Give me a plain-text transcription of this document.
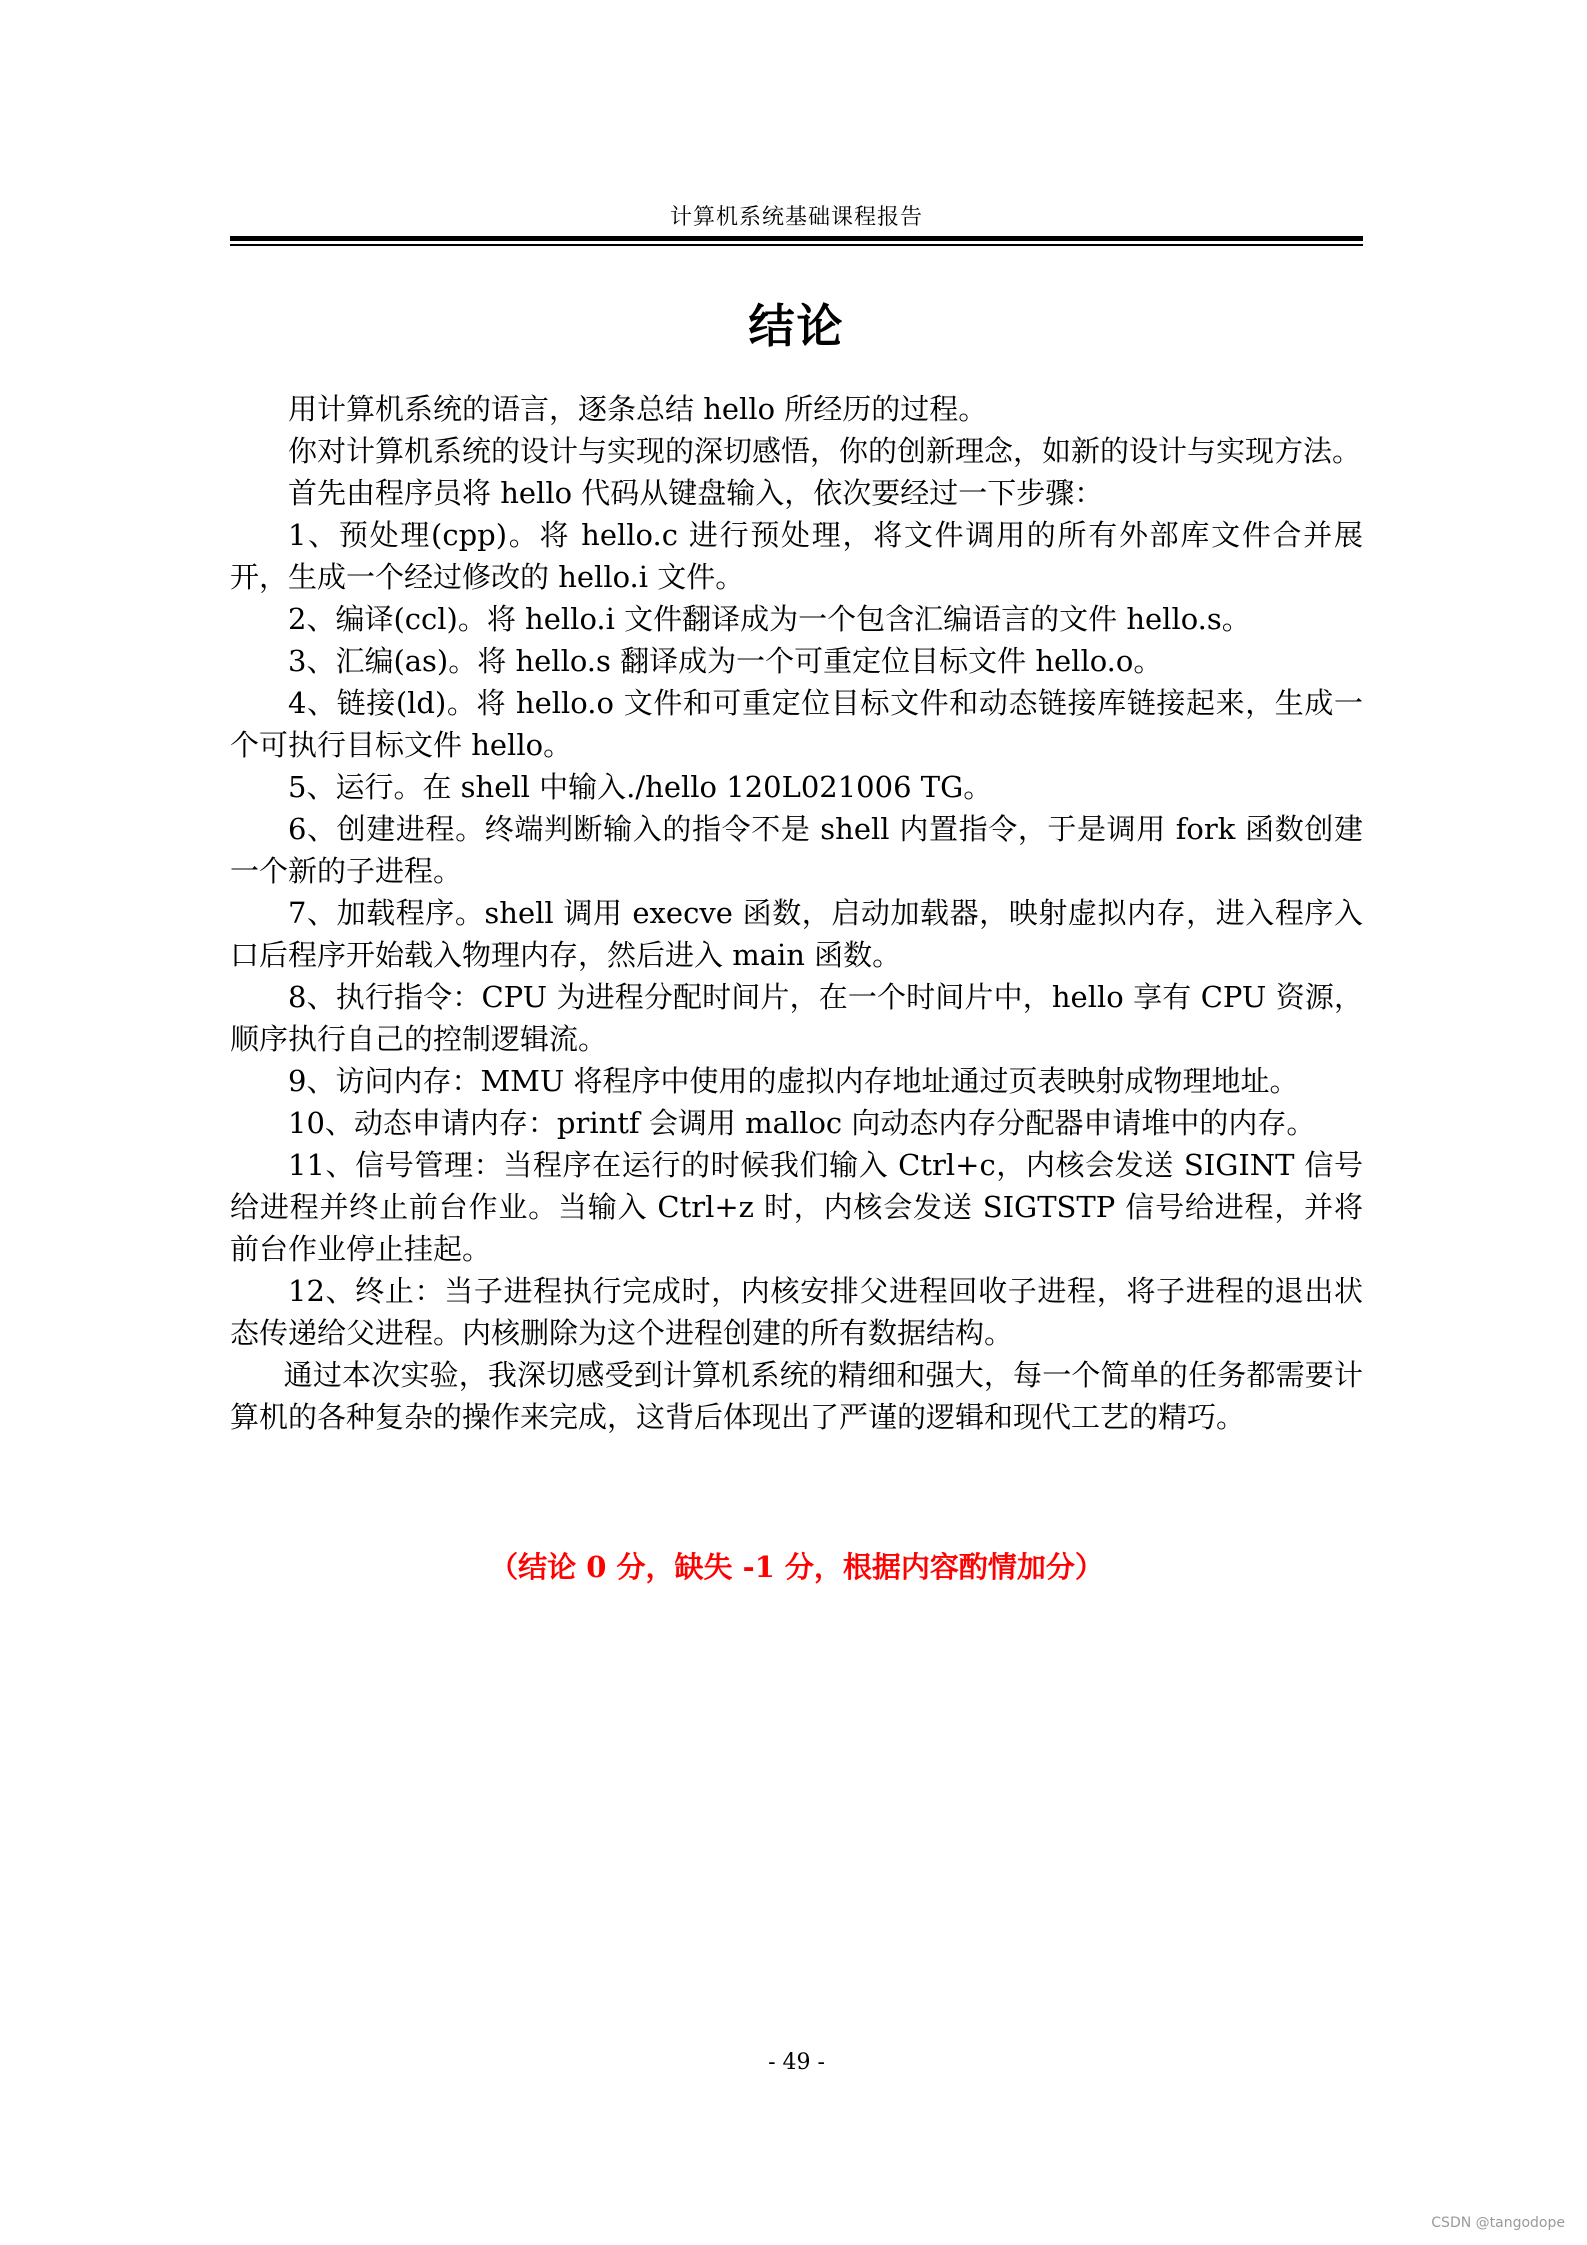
计算机系统基础课程报告
结论

用计算机系统的语言，逐条总结 hello 所经历的过程。

你对计算机系统的设计与实现的深切感悟，你的创新理念，如新的设计与实现方法。

首先由程序员将 hello 代码从键盘输入，依次要经过一下步骤：

1、预处理(cpp)。将 hello.c 进行预处理，将文件调用的所有外部库文件合并展开，生成一个经过修改的 hello.i 文件。

2、编译(ccl)。将 hello.i 文件翻译成为一个包含汇编语言的文件 hello.s。

3、汇编(as)。将 hello.s 翻译成为一个可重定位目标文件 hello.o。

4、链接(ld)。将 hello.o 文件和可重定位目标文件和动态链接库链接起来，生成一个可执行目标文件 hello。

5、运行。在 shell 中输入./hello 120L021006 TG。

6、创建进程。终端判断输入的指令不是 shell 内置指令，于是调用 fork 函数创建一个新的子进程。

7、加载程序。shell 调用 execve 函数，启动加载器，映射虚拟内存，进入程序入口后程序开始载入物理内存，然后进入 main 函数。

8、执行指令：CPU 为进程分配时间片，在一个时间片中，hello 享有 CPU 资源， 顺序执行自己的控制逻辑流。

9、访问内存：MMU 将程序中使用的虚拟内存地址通过页表映射成物理地址。

10、动态申请内存：printf 会调用 malloc 向动态内存分配器申请堆中的内存。

11、信号管理：当程序在运行的时候我们输入 Ctrl+c，内核会发送 SIGINT 信号给进程并终止前台作业。当输入 Ctrl+z 时，内核会发送 SIGTSTP 信号给进程，并将前台作业停止挂起。

12、终止：当子进程执行完成时，内核安排父进程回收子进程，将子进程的退出状态传递给父进程。内核删除为这个进程创建的所有数据结构。

通过本次实验，我深切感受到计算机系统的精细和强大，每一个简单的任务都需要计算机的各种复杂的操作来完成，这背后体现出了严谨的逻辑和现代工艺的精巧。

（结论 0 分，缺失 -1 分，根据内容酌情加分）
- 49 -
CSDN @tangodope
